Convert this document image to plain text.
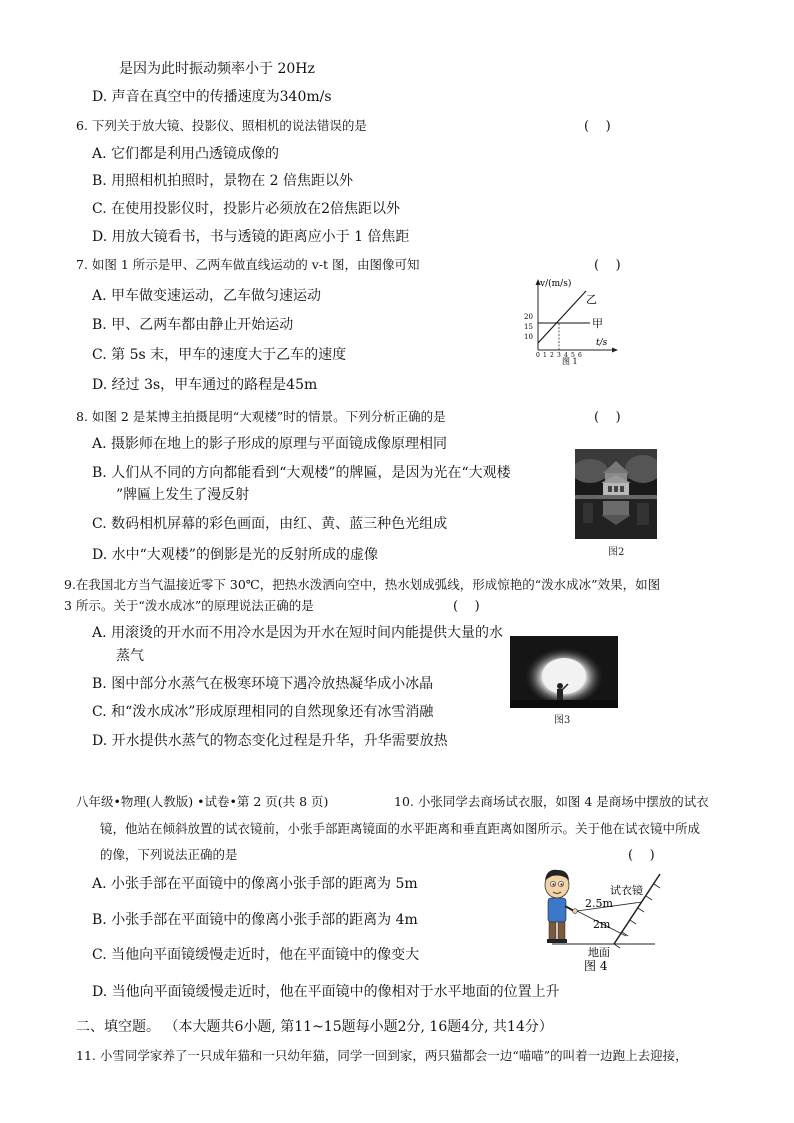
是因为此时振动频率小于 20Hz
D. 声音在真空中的传播速度为340m/s
6. 下列关于放大镜、投影仪、照相机的说法错误的是	(    )
A. 它们都是利用凸透镜成像的
B. 用照相机拍照时，景物在 2 倍焦距以外
C. 在使用投影仪时，投影片必须放在2倍焦距以外
D. 用放大镜看书，书与透镜的距离应小于 1 倍焦距
7. 如图 1 所示是甲、乙两车做直线运动的 v-t 图，由图像可知	(    )
A. 甲车做变速运动，乙车做匀速运动
B. 甲、乙两车都由静止开始运动
C. 第 5s 末，甲车的速度大于乙车的速度
D. 经过 3s，甲车通过的路程是45m
v/(m/s)
20
15
10
0 1 2 3 4 5 6
t/s
乙
甲
图 1
8. 如图 2 是某博主拍摄昆明“大观楼”时的情景。下列分析正确的是	(    )
A. 摄影师在地上的影子形成的原理与平面镜成像原理相同
B. 人们从不同的方向都能看到“大观楼”的牌匾，是因为光在“大观楼
”牌匾上发生了漫反射
C. 数码相机屏幕的彩色画面，由红、黄、蓝三种色光组成
D. 水中“大观楼”的倒影是光的反射所成的虚像	图2
9.在我国北方当气温接近零下 30℃，把热水泼洒向空中，热水划成弧线，形成惊艳的“泼水成冰”效果，如图
3 所示。关于“泼水成冰”的原理说法正确的是	(    )
A. 用滚烫的开水而不用冷水是因为开水在短时间内能提供大量的水
蒸气
B. 图中部分水蒸气在极寒环境下遇冷放热凝华成小冰晶
C. 和“泼水成冰”形成原理相同的自然现象还有冰雪消融
D. 开水提供水蒸气的物态变化过程是升华，升华需要放热
图3
八年级•物理(人教版) •试卷•第 2 页(共 8 页)	10. 小张同学去商场试衣服，如图 4 是商场中摆放的试衣
镜，他站在倾斜放置的试衣镜前，小张手部距离镜面的水平距离和垂直距离如图所示。关于他在试衣镜中所成
的像，下列说法正确的是	(    )
A. 小张手部在平面镜中的像离小张手部的距离为 5m
B. 小张手部在平面镜中的像离小张手部的距离为 4m
C. 当他向平面镜缓慢走近时，他在平面镜中的像变大
D. 当他向平面镜缓慢走近时，他在平面镜中的像相对于水平地面的位置上升
试衣镜
2.5m
2m
地面
图 4
二、填空题。 （本大题共6小题, 第11~15题每小题2分, 16题4分, 共14分）
11. 小雪同学家养了一只成年猫和一只幼年猫，同学一回到家，两只猫都会一边“喵喵”的叫着一边跑上去迎接，
